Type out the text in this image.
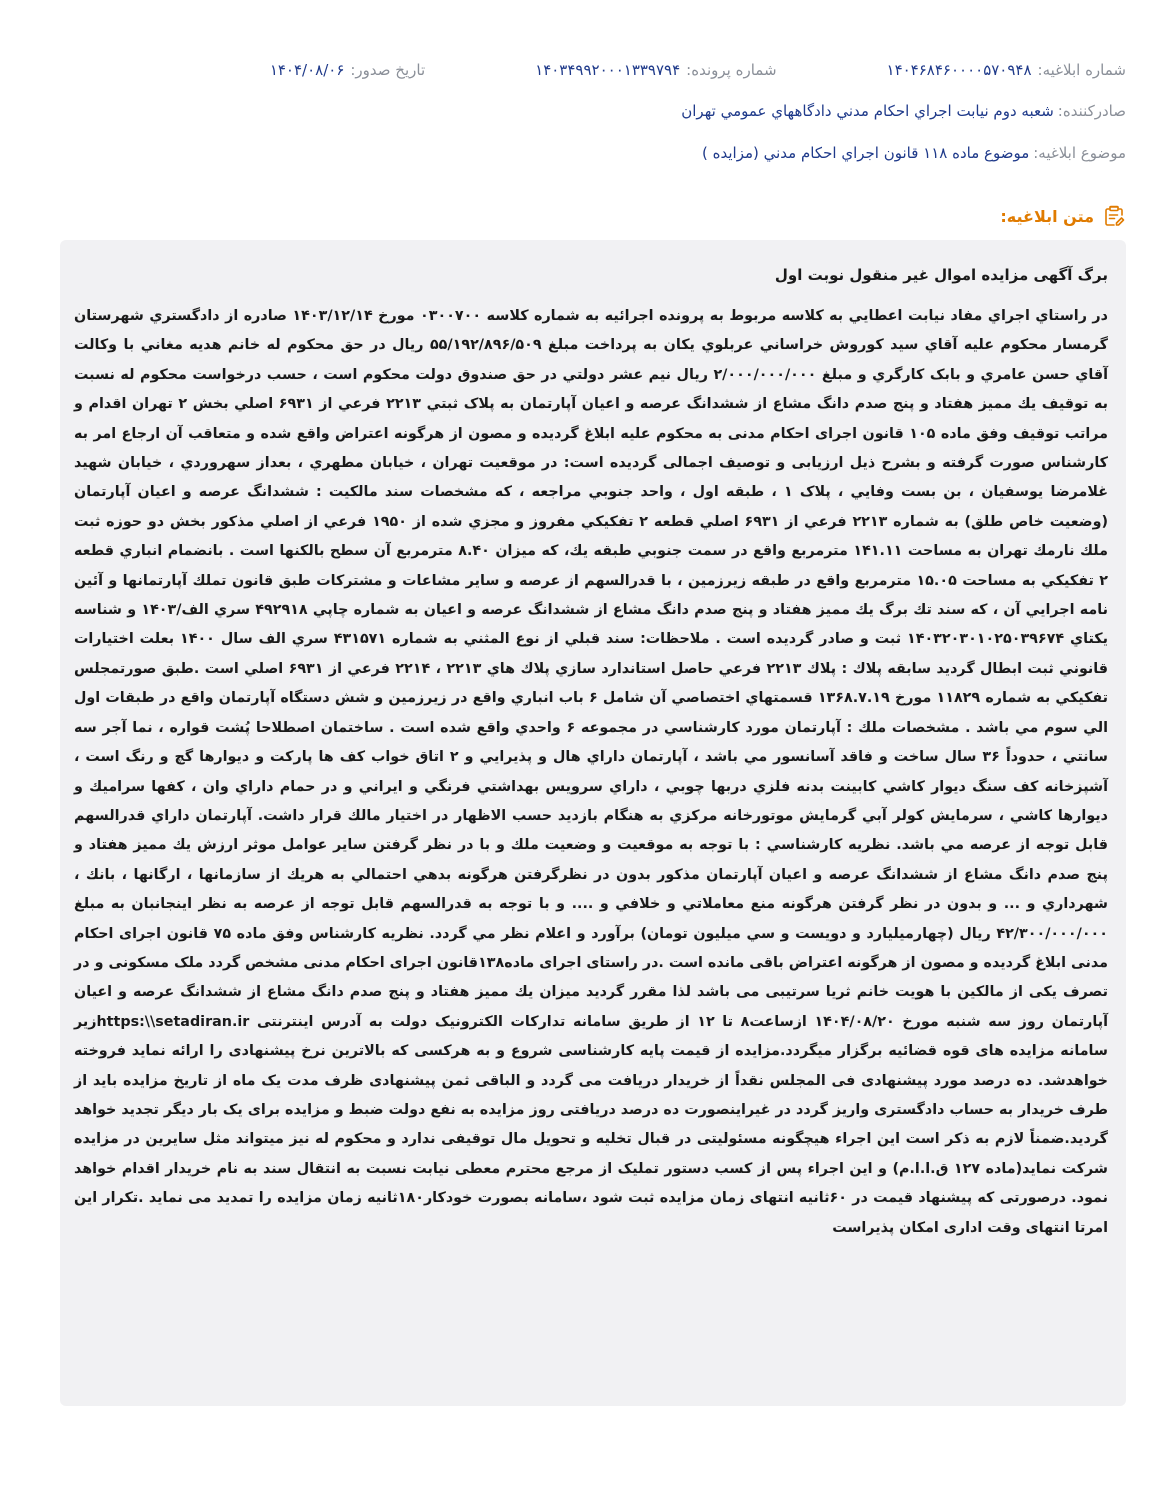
شماره ابلاغیه:
۱۴۰۴۶۸۴۶۰۰۰۰۵۷۰۹۴۸
شماره پرونده:
۱۴۰۳۴۹۹۲۰۰۰۱۳۳۹۷۹۴
تاریخ صدور:
۱۴۰۴/۰۸/۰۶
صادرکننده:
شعبه دوم نيابت اجراي احکام مدني دادگاههاي عمومي تهران
موضوع ابلاغیه:
موضوع ماده ۱۱۸ قانون اجراي احکام مدني (مزايده )
متن ابلاغیه:
برگ آگهی مزايده اموال غير منقول نوبت اول
در راستاي اجراي مفاد نيابت اعطايي به کلاسه مربوط به پرونده اجرائيه به شماره کلاسه ۰۳۰۰۷۰۰ مورخ ۱۴۰۳/۱۲/۱۴ صادره از دادگستري شهرستان گرمسار محکوم عليه آقاي سيد کوروش خراساني عربلوي يکان به پرداخت مبلغ ۵۵/۱۹۲/۸۹۶/۵۰۹ ريال در حق محکوم له خانم هديه مغاني با وکالت آقاي حسن عامري و بابک کارگري و مبلغ ۲/۰۰۰/۰۰۰/۰۰۰ ريال نيم عشر دولتي در حق صندوق دولت محکوم است ، حسب درخواست محکوم له نسبت به توقيف يك مميز هفتاد و پنج صدم دانگ مشاع از ششدانگ عرصه و اعيان آپارتمان به پلاک ثبتي ۲۲۱۳ فرعي از ۶۹۳۱ اصلي بخش ۲ تهران اقدام و مراتب توقيف وفق ماده ۱۰۵ قانون اجرای احکام مدنی به محکوم علیه ابلاغ گردیده و مصون از هرگونه اعتراض واقع شده و متعاقب آن ارجاع امر به کارشناس صورت گرفته و بشرح ذيل ارزيابی و توصيف اجمالی گرديده است: در موقعيت تهران ، خيابان مطهري ، بعداز سهروردي ، خيابان شهيد غلامرضا يوسفيان ، بن بست وفايي ، پلاک ۱ ، طبقه اول ، واحد جنوبي مراجعه ، که مشخصات سند مالکيت : ششدانگ عرصه و اعيان آپارتمان (وضعيت خاص طلق) به شماره ۲۲۱۳ فرعي از ۶۹۳۱ اصلي قطعه ۲ تفکيکي مفروز و مجزي شده از ۱۹۵۰ فرعي از اصلي مذکور بخش دو حوزه ثبت ملك نارمك تهران به مساحت ۱۴۱.۱۱ مترمربع واقع در سمت جنوبي طبقه يك، که ميزان ۸.۴۰ مترمربع آن سطح بالکنها است . بانضمام انباري قطعه ۲ تفکيکي به مساحت ۱۵.۰۵ مترمربع واقع در طبقه زيرزمين ، با قدرالسهم از عرصه و ساير مشاعات و مشترکات طبق قانون تملك آپارتمانها و آئين نامه اجرايي آن ، که سند تك برگ يك مميز هفتاد و پنج صدم دانگ مشاع از ششدانگ عرصه و اعيان به شماره چاپي ۴۹۲۹۱۸ سري الف/۱۴۰۳ و شناسه يكتاي ۱۴۰۳۲۰۳۰۱۰۲۵۰۳۹۶۷۴ ثبت و صادر گرديده است . ملاحظات: سند قبلي از نوع المثني به شماره ۴۳۱۵۷۱ سري الف سال ۱۴۰۰ بعلت اختيارات قانوني ثبت ابطال گرديد سابقه پلاك : پلاك ۲۲۱۳ فرعي حاصل استاندارد سازي پلاك هاي ۲۲۱۳ ، ۲۲۱۴ فرعي از ۶۹۳۱ اصلي است .طبق صورتمجلس تفکيکي به شماره ۱۱۸۲۹ مورخ ۱۳۶۸.۷.۱۹ قسمتهاي اختصاصي آن شامل ۶ باب انباري واقع در زيرزمين و شش دستگاه آپارتمان واقع در طبقات اول الي سوم مي باشد . مشخصات ملك : آپارتمان مورد کارشناسي در مجموعه ۶ واحدي واقع شده است . ساختمان اصطلاحا پُشت قواره ، نما آجر سه سانتي ، حدوداً ۳۶ سال ساخت و فاقد آسانسور مي باشد ، آپارتمان داراي هال و پذيرايي و ۲ اتاق خواب کف ها پارکت و ديوارها گچ و رنگ است ، آشپزخانه کف سنگ ديوار کاشي کابينت بدنه فلزي دربها چوبي ، داراي سرويس بهداشتي فرنگي و ايراني و در حمام داراي وان ، کفها سراميك و ديوارها کاشي ، سرمايش کولر آبي گرمايش موتورخانه مرکزي به هنگام بازديد حسب الاظهار در اختيار مالك قرار داشت. آپارتمان داراي قدرالسهم قابل توجه از عرصه مي باشد. نظريه کارشناسي : با توجه به موقعيت و وضعيت ملك و با در نظر گرفتن ساير عوامل موثر ارزش يك مميز هفتاد و پنج صدم دانگ مشاع از ششدانگ عرصه و اعيان آپارتمان مذکور بدون در نظرگرفتن هرگونه بدهي احتمالي به هريك از سازمانها ، ارگانها ، بانك ، شهرداري و ... و بدون در نظر گرفتن هرگونه منع معاملاتي و خلافي و .... و با توجه به قدرالسهم قابل توجه از عرصه به نظر اينجانبان به مبلغ ۴۲/۳۰۰/۰۰۰/۰۰۰ ريال (چهارميليارد و دويست و سي ميليون تومان) برآورد و اعلام نظر مي گردد. نظریه کارشناس وفق ماده ۷۵ قانون اجرای احکام مدنی ابلاغ گردیده و مصون از هرگونه اعتراض باقی مانده است .در راستای اجرای ماده۱۳۸قانون اجرای احکام مدنی مشخص گردد ملک مسکونی و در تصرف یکی از مالکین با هویت خانم ثریا سرتیبی می باشد لذا مقرر گردید میزان يك مميز هفتاد و پنج صدم دانگ مشاع از ششدانگ عرصه و اعيان آپارتمان روز سه شنبه مورخ ۱۴۰۴/۰۸/۲۰ ازساعت۸ تا ۱۲ از طریق سامانه تدارکات الکترونیک دولت به آدرس اینترنتی https:\\setadiran.irزیر سامانه مزایده های قوه قضائیه برگزار میگردد.مزایده از قیمت پایه کارشناسی شروع و به هرکسی که بالاترین نرخ پیشنهادی را ارائه نماید فروخته خواهدشد. ده درصد مورد پیشنهادی فی المجلس نقداً از خریدار دریافت می گردد و الباقی ثمن پیشنهادی ظرف مدت یک ماه از تاریخ مزایده باید از طرف خریدار به حساب دادگستری واریز گردد در غیراینصورت ده درصد دریافتی روز مزایده به نفع دولت ضبط و مزایده برای یک بار دیگر تجدید خواهد گردید.ضمناً لازم به ذکر است این اجراء هیچگونه مسئولیتی در قبال تخلیه و تحویل مال توقیفی ندارد و محکوم له نیز میتواند مثل سایرین در مزایده شرکت نماید(ماده ۱۲۷ ق.ا.ا.م) و این اجراء پس از کسب دستور تملیک از مرجع محترم معطی نیابت نسبت به انتقال سند به نام خریدار اقدام خواهد نمود. درصورتی که پیشنهاد قیمت در ۶۰ثانیه انتهای زمان مزایده ثبت شود ،سامانه بصورت خودکار۱۸۰ثانیه زمان مزایده را تمدید می نماید .تکرار این امرتا انتهای وقت اداری امکان پذیراست
